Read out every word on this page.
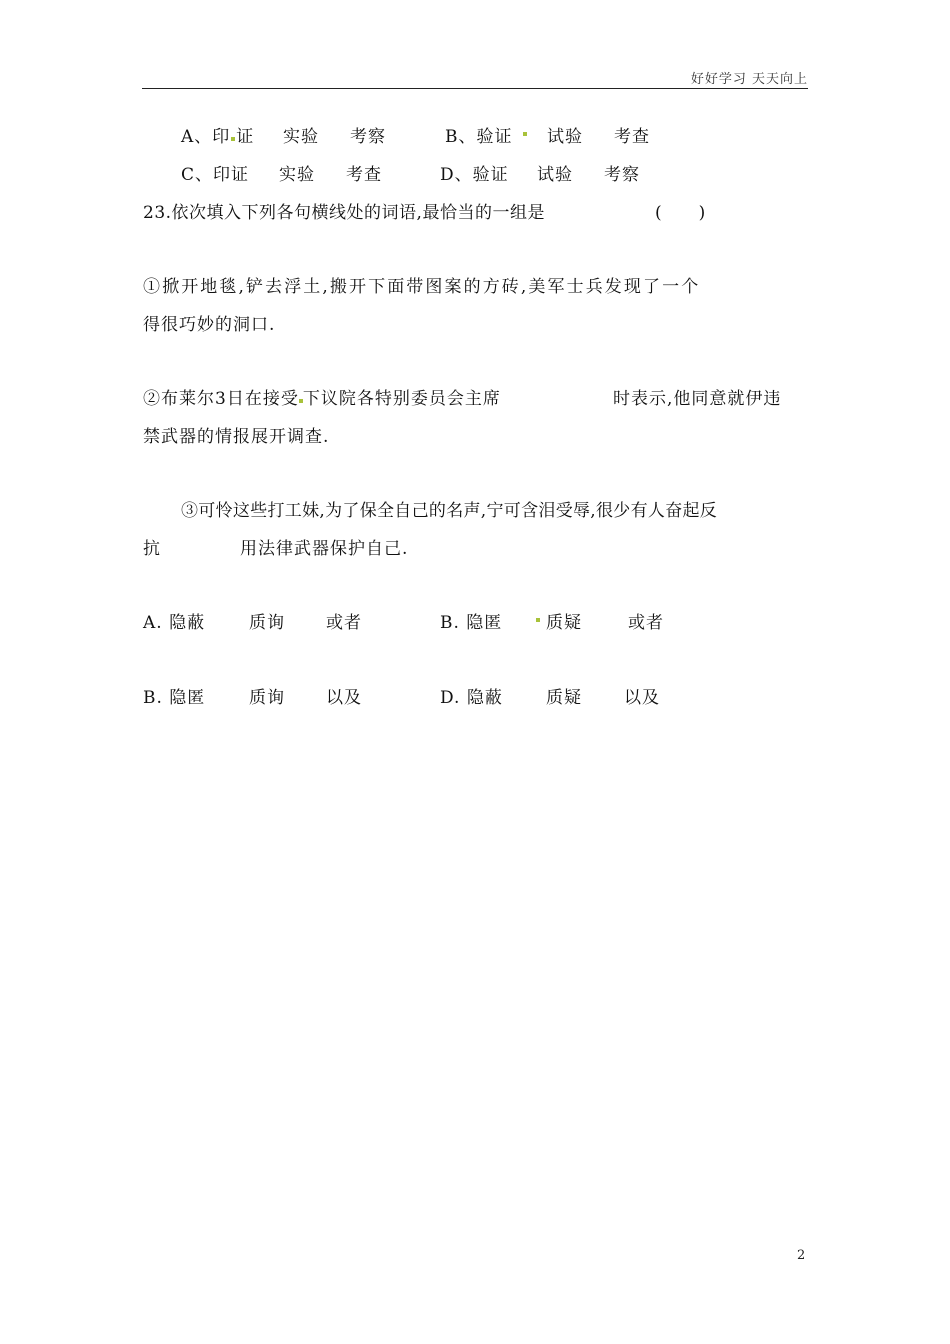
好好学习 天天向上
A、印 证 实验 考察	B、验证 试验 考查
C、印证 实验 考查	D、验证 试验 考察
23.依次填入下列各句横线处的词语,最恰当的一组是	(　　)
①掀开地毯,铲去浮土,搬开下面带图案的方砖,美军士兵发现了一个
得很巧妙的洞口.
②布莱尔3日在接受 下议院各特别委员会主席	时表示,他同意就伊违
禁武器的情报展开调查.
③可怜这些打工妹,为了保全自己的名声,宁可含泪受辱,很少有人奋起反
抗	用法律武器保护自己.
A. 隐蔽	质询 或者	B. 隐匿	质疑	或者
B. 隐匿	质询 以及	D. 隐蔽	质疑 以及
2
